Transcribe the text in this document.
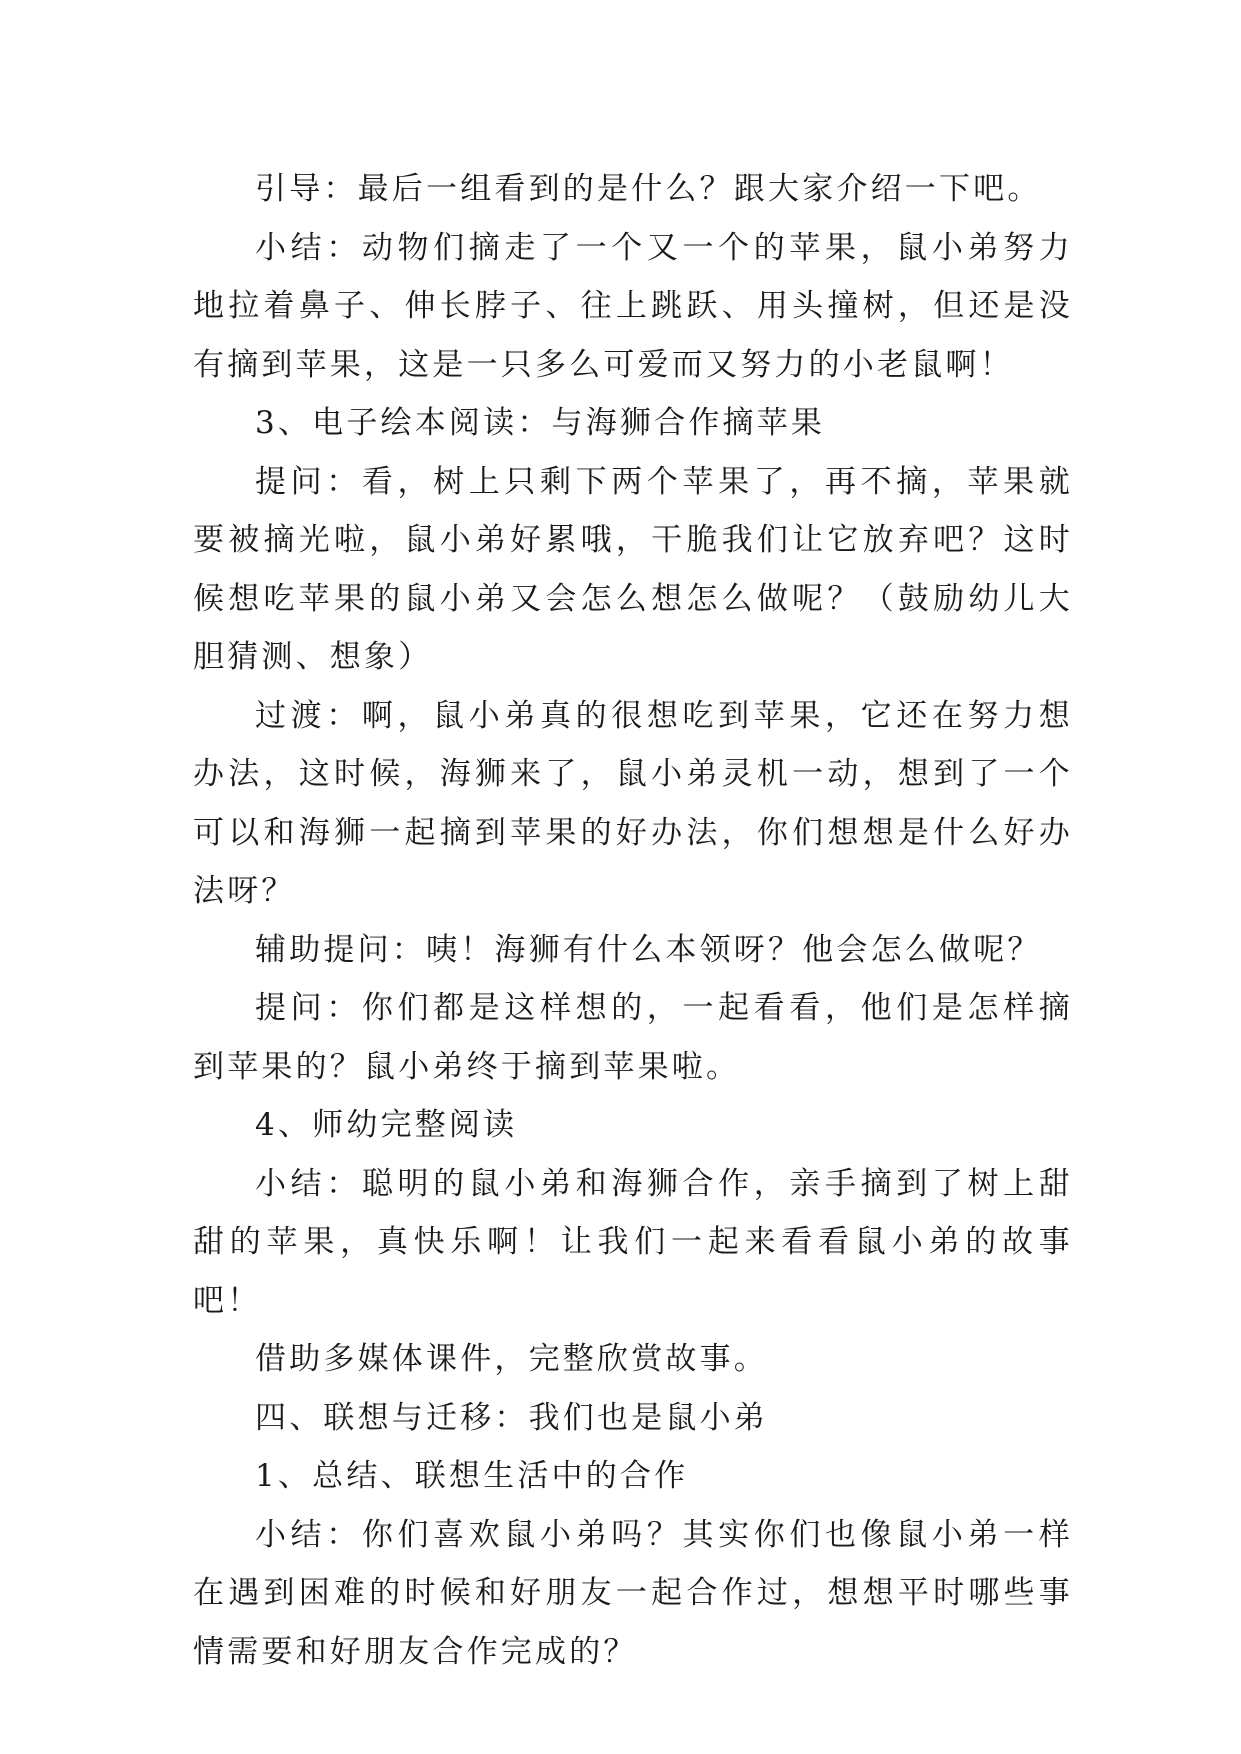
引导：最后一组看到的是什么？跟大家介绍一下吧。

小结：动物们摘走了一个又一个的苹果，鼠小弟努力地拉着鼻子、伸长脖子、往上跳跃、用头撞树，但还是没有摘到苹果，这是一只多么可爱而又努力的小老鼠啊！

3、电子绘本阅读：与海狮合作摘苹果

提问：看，树上只剩下两个苹果了，再不摘，苹果就要被摘光啦，鼠小弟好累哦，干脆我们让它放弃吧？这时候想吃苹果的鼠小弟又会怎么想怎么做呢？（鼓励幼儿大胆猜测、想象）

过渡：啊，鼠小弟真的很想吃到苹果，它还在努力想办法，这时候，海狮来了，鼠小弟灵机一动，想到了一个可以和海狮一起摘到苹果的好办法，你们想想是什么好办法呀？

辅助提问：咦！海狮有什么本领呀？他会怎么做呢？

提问：你们都是这样想的，一起看看，他们是怎样摘到苹果的？鼠小弟终于摘到苹果啦。

4、师幼完整阅读

小结：聪明的鼠小弟和海狮合作，亲手摘到了树上甜甜的苹果，真快乐啊！让我们一起来看看鼠小弟的故事吧！

借助多媒体课件，完整欣赏故事。

四、联想与迁移：我们也是鼠小弟

1、总结、联想生活中的合作

小结：你们喜欢鼠小弟吗？其实你们也像鼠小弟一样在遇到困难的时候和好朋友一起合作过，想想平时哪些事情需要和好朋友合作完成的？
